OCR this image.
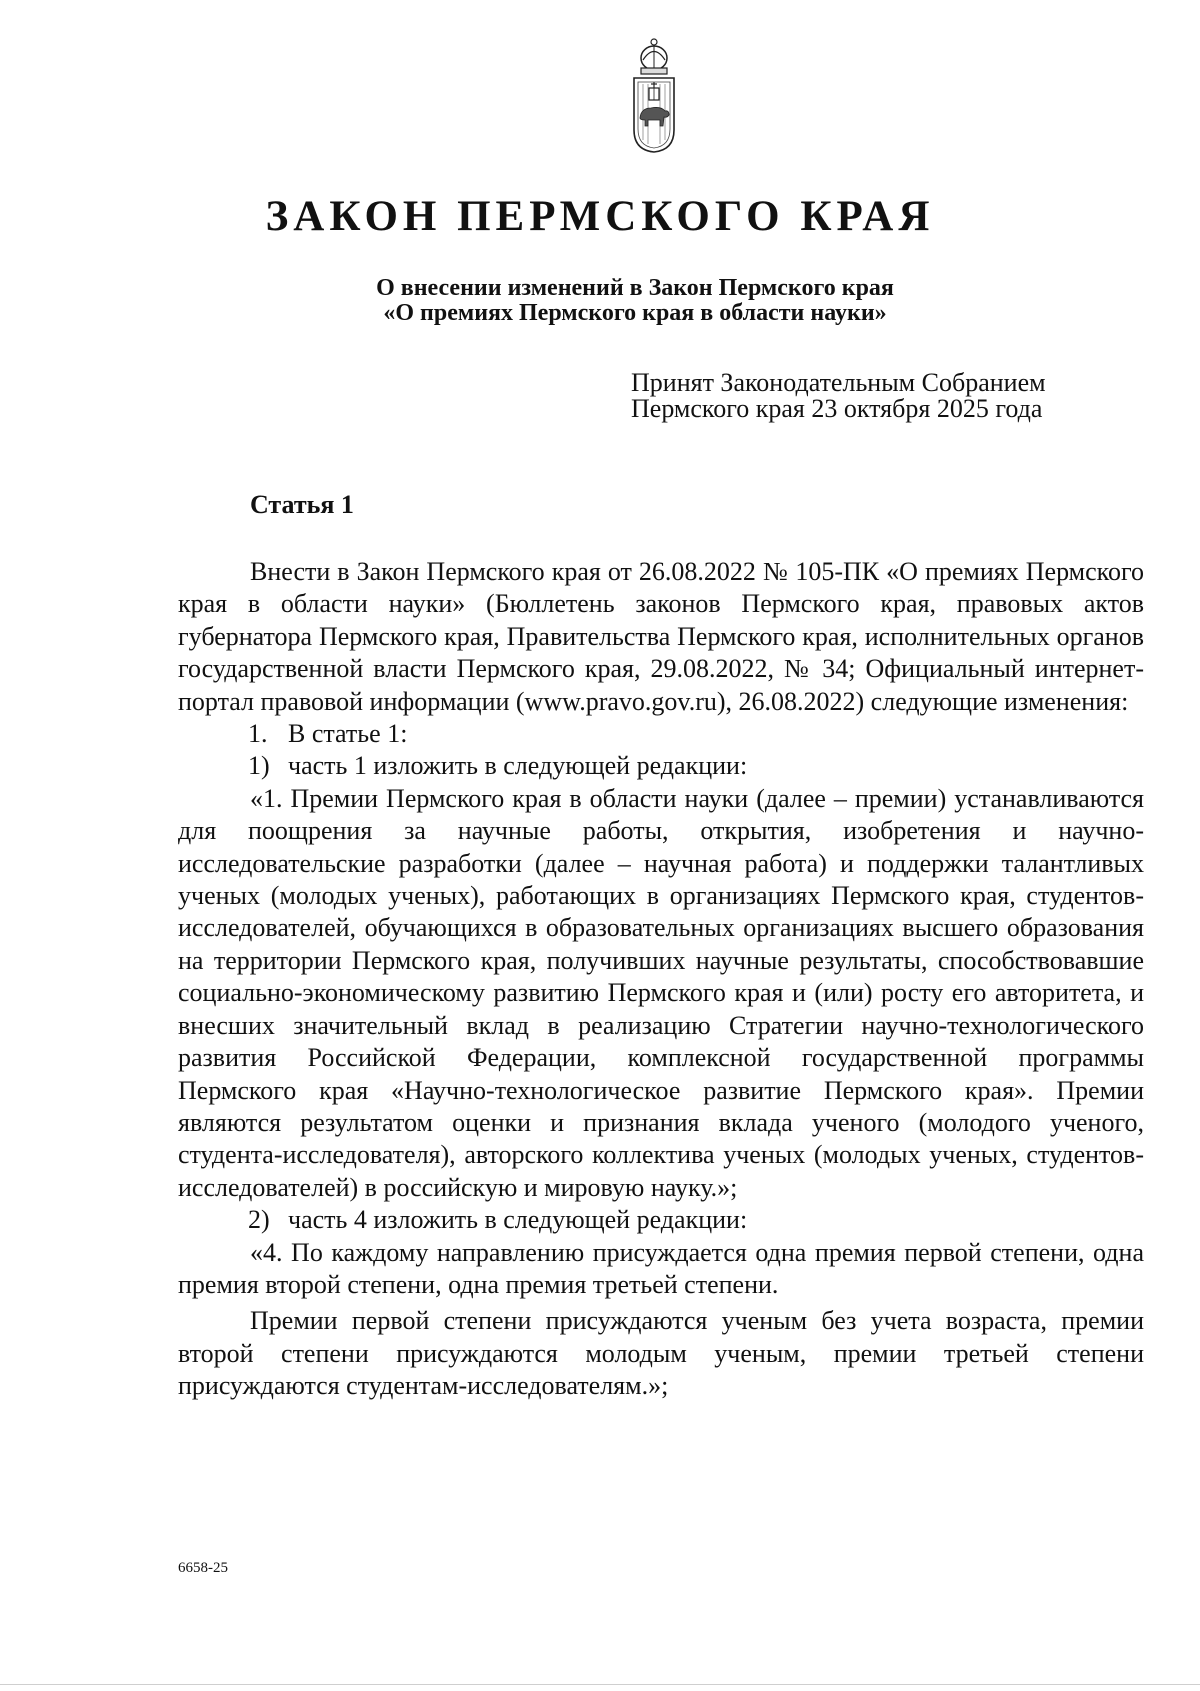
ЗАКОН ПЕРМСКОГО КРАЯ
О внесении изменений в Закон Пермского края
«О премиях Пермского края в области науки»

Принят Законодательным Собранием
Пермского края 23 октября 2025 года

Статья 1

Внести в Закон Пермского края от 26.08.2022 № 105-ПК «О премиях Пермского края в области науки» (Бюллетень законов Пермского края, правовых актов губернатора Пермского края, Правительства Пермского края, исполнительных органов государственной власти Пермского края, 29.08.2022, № 34; Официальный интернет-портал правовой информации (www.pravo.gov.ru), 26.08.2022) следующие изменения:

1. В статье 1:

1) часть 1 изложить в следующей редакции:

«1. Премии Пермского края в области науки (далее – премии) устанавливаются для поощрения за научные работы, открытия, изобретения и научно-исследовательские разработки (далее – научная работа) и поддержки талантливых ученых (молодых ученых), работающих в организациях Пермского края, студентов-исследователей, обучающихся в образовательных организациях высшего образования на территории Пермского края, получивших научные результаты, способствовавшие социально-экономическому развитию Пермского края и (или) росту его авторитета, и внесших значительный вклад в реализацию Стратегии научно-технологического развития Российской Федерации, комплексной государственной программы Пермского края «Научно-технологическое развитие Пермского края». Премии являются результатом оценки и признания вклада ученого (молодого ученого, студента-исследователя), авторского коллектива ученых (молодых ученых, студентов-исследователей) в российскую и мировую науку.»;

2) часть 4 изложить в следующей редакции:

«4. По каждому направлению присуждается одна премия первой степени, одна премия второй степени, одна премия третьей степени.

Премии первой степени присуждаются ученым без учета возраста, премии второй степени присуждаются молодым ученым, премии третьей степени присуждаются студентам-исследователям.»;

6658-25
